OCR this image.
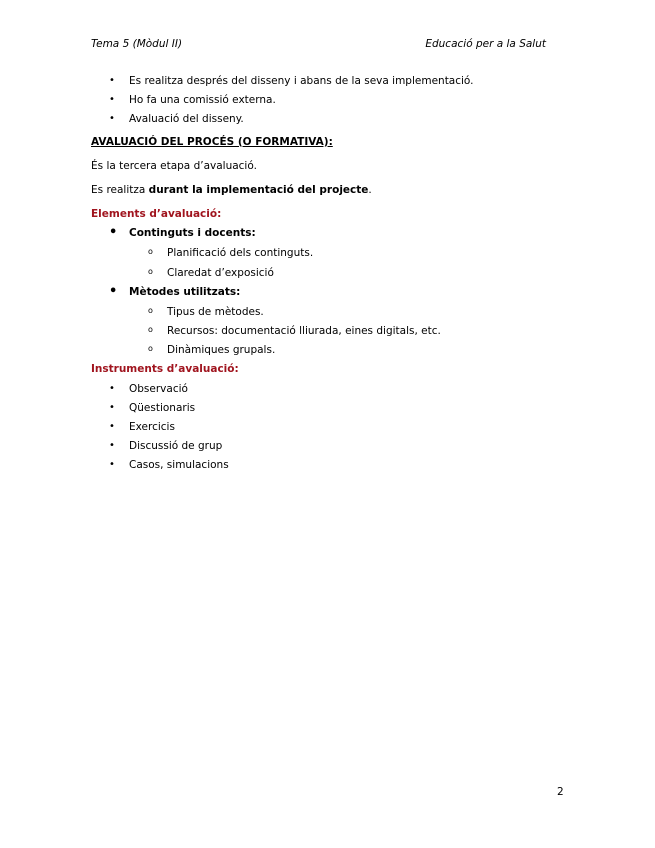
Tema 5 (Mòdul II)	Educació per a la Salut
• Es realitza després del disseny i abans de la seva implementació.
• Ho fa una comissió externa.
• Avaluació del disseny.
AVALUACIÓ DEL PROCÉS (O FORMATIVA):

És la tercera etapa d’avaluació.

Es realitza durant la implementació del projecte.

Elements d’avaluació:
• Continguts i docents:
o Planificació dels continguts.
o Claredat d’exposició
• Mètodes utilitzats:
o Tipus de mètodes.
o Recursos: documentació lliurada, eines digitals, etc.
o Dinàmiques grupals.
Instruments d’avaluació:
• Observació
• Qüestionaris
• Exercicis
• Discussió de grup
• Casos, simulacions
2
